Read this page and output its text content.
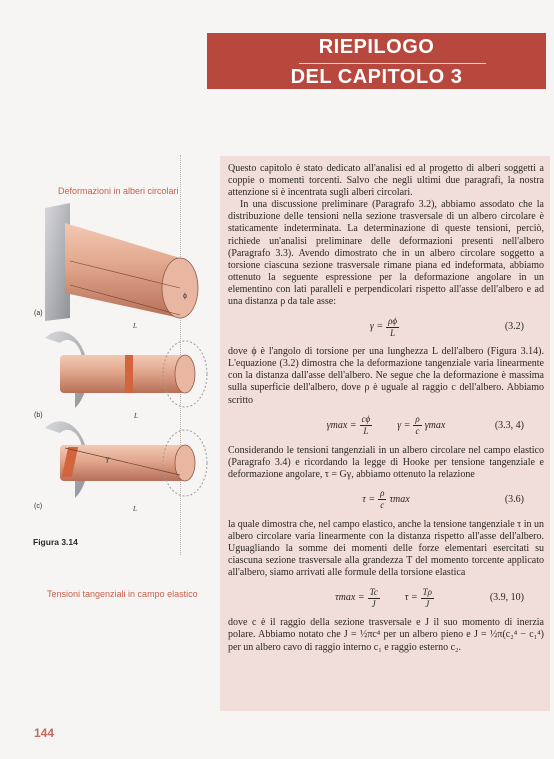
RIEPILOGO
DEL CAPITOLO 3
Deformazioni in alberi circolari
ϕ
L
(a)
(b)	L
γ
(c)	L
Figura 3.14
Tensioni tangenziali in campo elastico
144

Questo capitolo è stato dedicato all'analisi ed al progetto di alberi soggetti a coppie o momenti torcenti. Salvo che negli ultimi due paragrafi, la nostra attenzione si è incentrata sugli alberi circolari.

In una discussione preliminare (Paragrafo 3.2), abbiamo assodato che la distribuzione delle tensioni nella sezione trasversale di un albero circolare è staticamente indeterminata. La determinazione di queste tensioni, perciò, richiede un'analisi preliminare delle deformazioni presenti nell'albero (Paragrafo 3.3). Avendo dimostrato che in un albero circolare soggetto a torsione ciascuna sezione trasversale rimane piana ed indeformata, abbiamo ottenuto la seguente espressione per la deformazione angolare in un elementino con lati paralleli e perpendicolari rispetto all'asse dell'albero e ad una distanza ρ da tale asse:

$\gamma = \frac{\rho\phi}{L}$	(3.2)

dove ϕ è l'angolo di torsione per una lunghezza L dell'albero (Figura 3.14). L'equazione (3.2) dimostra che la deformazione tangenziale varia linearmente con la distanza dall'asse dell'albero. Ne segue che la deformazione è massima sulla superficie dell'albero, dove ρ è uguale al raggio c dell'albero. Abbiamo scritto

$\gamma\max = \frac{c\phi}{L}$	$\gamma = \frac{\rho}{c}$ γmax	(3.3, 4)

Considerando le tensioni tangenziali in un albero circolare nel campo elastico (Paragrafo 3.4) e ricordando la legge di Hooke per tensione tangenziale e deformazione angolare, τ = Gγ, abbiamo ottenuto la relazione

$\tau = \frac{\rho}{c}$ τmax	(3.6)

la quale dimostra che, nel campo elastico, anche la tensione tangenziale τ in un albero circolare varia linearmente con la distanza rispetto all'asse dell'albero. Uguagliando la somme dei momenti delle forze elementari esercitati su ciascuna sezione trasversale alla grandezza T del momento torcente applicato all'albero, siamo arrivati alle formule della torsione elastica

$\tau\max = \frac{Tc}{J}$	$\tau = \frac{T\rho}{J}$	(3.9, 10)

dove c è il raggio della sezione trasversale e J il suo momento di inerzia polare. Abbiamo notato che J = ½πc⁴ per un albero pieno e J = ½π(c₂⁴ − c₁⁴) per un albero cavo di raggio interno c₁ e raggio esterno c₂.
